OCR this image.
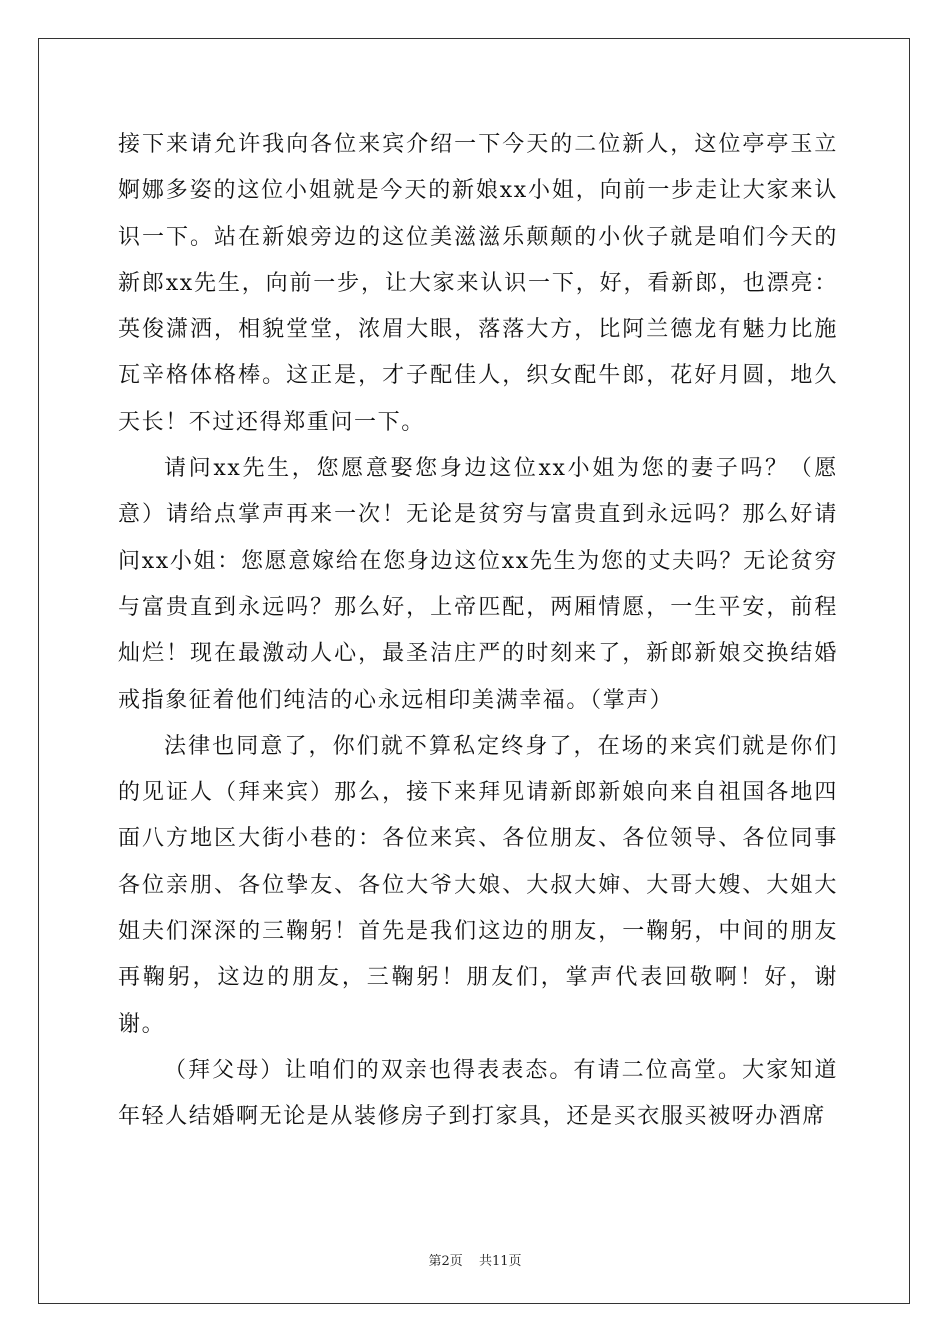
接下来请允许我向各位来宾介绍一下今天的二位新人，这位亭亭玉立婀娜多姿的这位小姐就是今天的新娘xx小姐，向前一步走让大家来认识一下。站在新娘旁边的这位美滋滋乐颠颠的小伙子就是咱们今天的新郎xx先生，向前一步，让大家来认识一下，好，看新郎，也漂亮：英俊潇洒，相貌堂堂，浓眉大眼，落落大方，比阿兰德龙有魅力比施瓦辛格体格棒。这正是，才子配佳人，织女配牛郎，花好月圆，地久天长！不过还得郑重问一下。

请问xx先生，您愿意娶您身边这位xx小姐为您的妻子吗？（愿意）请给点掌声再来一次！无论是贫穷与富贵直到永远吗？那么好请问xx小姐：您愿意嫁给在您身边这位xx先生为您的丈夫吗？无论贫穷与富贵直到永远吗？那么好，上帝匹配，两厢情愿，一生平安，前程灿烂！现在最激动人心，最圣洁庄严的时刻来了，新郎新娘交换结婚戒指象征着他们纯洁的心永远相印美满幸福。（掌声）

法律也同意了，你们就不算私定终身了，在场的来宾们就是你们的见证人（拜来宾）那么，接下来拜见请新郎新娘向来自祖国各地四面八方地区大街小巷的：各位来宾、各位朋友、各位领导、各位同事各位亲朋、各位挚友、各位大爷大娘、大叔大婶、大哥大嫂、大姐大姐夫们深深的三鞠躬！首先是我们这边的朋友，一鞠躬，中间的朋友再鞠躬，这边的朋友，三鞠躬！朋友们，掌声代表回敬啊！好，谢谢。

（拜父母）让咱们的双亲也得表表态。有请二位高堂。大家知道年轻人结婚啊无论是从装修房子到打家具，还是买衣服买被呀办酒席

第2页 共11页
